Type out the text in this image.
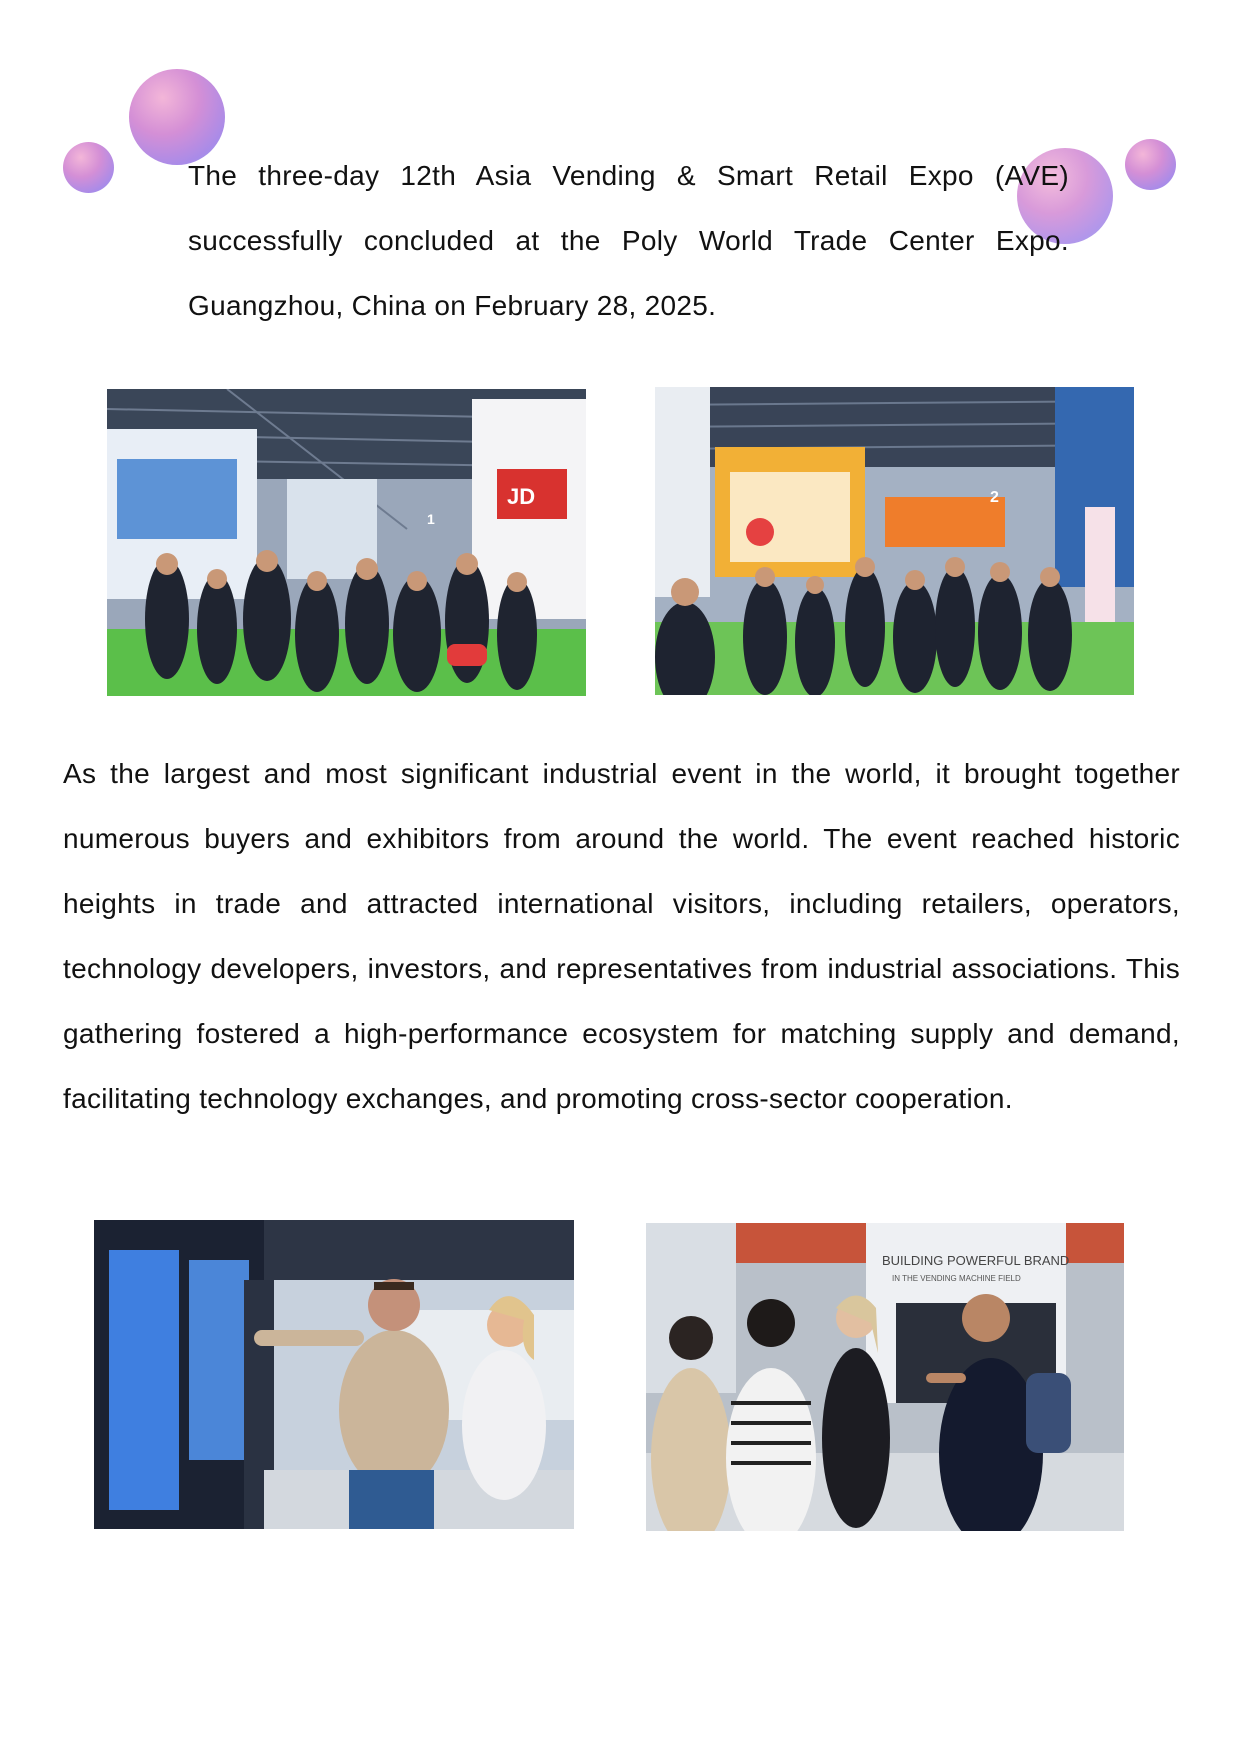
The three-day 12th Asia Vending & Smart Retail Expo (AVE) successfully concluded at the Poly World Trade Center Expo. Guangzhou, China on February 28, 2025.

JD
1
2

As the largest and most significant industrial event in the world, it brought together numerous buyers and exhibitors from around the world. The event reached historic heights in trade and attracted international visitors, including retailers, operators, technology developers, investors, and representatives from industrial associations. This gathering fostered a high-performance ecosystem for matching supply and demand, facilitating technology exchanges, and promoting cross-sector cooperation.

BUILDING POWERFUL BRAND
IN THE VENDING MACHINE FIELD
